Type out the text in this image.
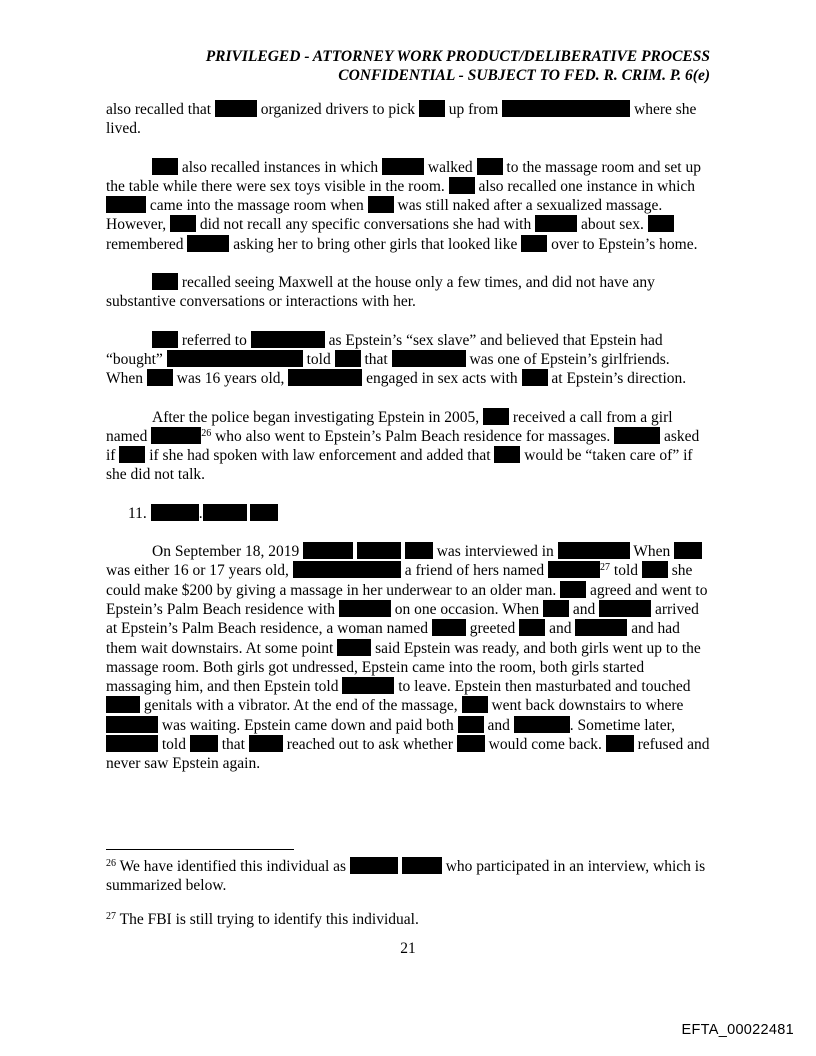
PRIVILEGED - ATTORNEY WORK PRODUCT/DELIBERATIVE PROCESS
CONFIDENTIAL - SUBJECT TO FED. R. CRIM. P. 6(e)

also recalled that	organized drivers to pick up from	where she lived.

also recalled instances in which	walked to the massage room and set up the table while there were sex toys visible in the room. also recalled one instance in which  came into the massage room when was still naked after a sexualized massage. However, did not recall any specific conversations she had with	about sex.  remembered	asking her to bring other girls that looked like over to Epstein’s home.

recalled seeing Maxwell at the house only a few times, and did not have any substantive conversations or interactions with her.

referred to	as Epstein’s “sex slave” and believed that Epstein had “bought”	told that	was one of Epstein’s girlfriends. When was 16 years old,	engaged in sex acts with at Epstein’s direction.

After the police began investigating Epstein in 2005, received a call from a girl named	$^{26}$ who also went to Epstein’s Palm Beach residence for massages.	asked if if she had spoken with law enforcement and added that would be “taken care of” if she did not talk.

11.	.

On September 18, 2019	was interviewed in	When  was either 16 or 17 years old,	a friend of hers named	$^{27}$ told she could make $200 by giving a massage in her underwear to an older man. agreed and went to Epstein’s Palm Beach residence with	on one occasion. When and	arrived at Epstein’s Palm Beach residence, a woman named	greeted and	and had them wait downstairs. At some point	said Epstein was ready, and both girls went up to the massage room. Both girls got undressed, Epstein came into the room, both girls started massaging him, and then Epstein told	to leave. Epstein then masturbated and touched  genitals with a vibrator. At the end of the massage, went back downstairs to where  was waiting. Epstein came down and paid both and	. Sometime later,  told that	reached out to ask whether would come back. refused and never saw Epstein again.

$^{26}$ We have identified this individual as	who participated in an interview, which is summarized below.
$^{27}$ The FBI is still trying to identify this individual.
21
EFTA_00022481
